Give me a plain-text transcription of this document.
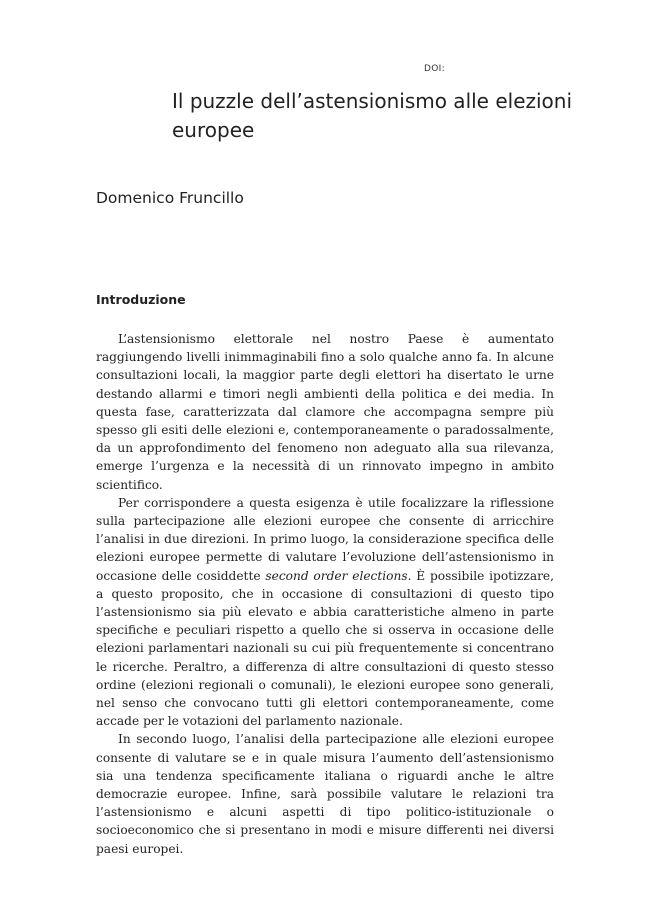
DOI:
Il puzzle dell’astensionismo alle elezioni europee
Domenico Fruncillo
Introduzione

L’astensionismo elettorale nel nostro Paese è aumentato raggiungendo livelli inimmaginabili fino a solo qualche anno fa. In alcune consultazioni locali, la maggior parte degli elettori ha disertato le urne destando allarmi e timori negli ambienti della politica e dei media. In questa fase, caratterizzata dal clamore che accompagna sempre più spesso gli esiti delle elezioni e, contemporaneamente o paradossalmente, da un approfondimento del fenomeno non adeguato alla sua rilevanza, emerge l’urgenza e la necessità di un rinnovato impegno in ambito scientifico.

Per corrispondere a questa esigenza è utile focalizzare la riflessione sulla partecipazione alle elezioni europee che consente di arricchire l’analisi in due direzioni. In primo luogo, la considerazione specifica delle elezioni europee permette di valutare l’evoluzione dell’astensionismo in occasione delle cosiddette second order elections. È possibile ipotizzare, a questo proposito, che in occasione di consultazioni di questo tipo l’astensionismo sia più elevato e abbia caratteristiche almeno in parte specifiche e peculiari rispetto a quello che si osserva in occasione delle elezioni parlamentari nazionali su cui più frequentemente si concentrano le ricerche. Peraltro, a differenza di altre consultazioni di questo stesso ordine (elezioni regionali o comunali), le elezioni europee sono generali, nel senso che convocano tutti gli elettori contemporaneamente, come accade per le votazioni del parlamento nazionale.

In secondo luogo, l’analisi della partecipazione alle elezioni europee consente di valutare se e in quale misura l’aumento dell’astensionismo sia una tendenza specificamente italiana o riguardi anche le altre democrazie europee. Infine, sarà possibile valutare le relazioni tra l’astensionismo e alcuni aspetti di tipo politico-istituzionale o socioeconomico che si presentano in modi e misure differenti nei diversi paesi europei.
